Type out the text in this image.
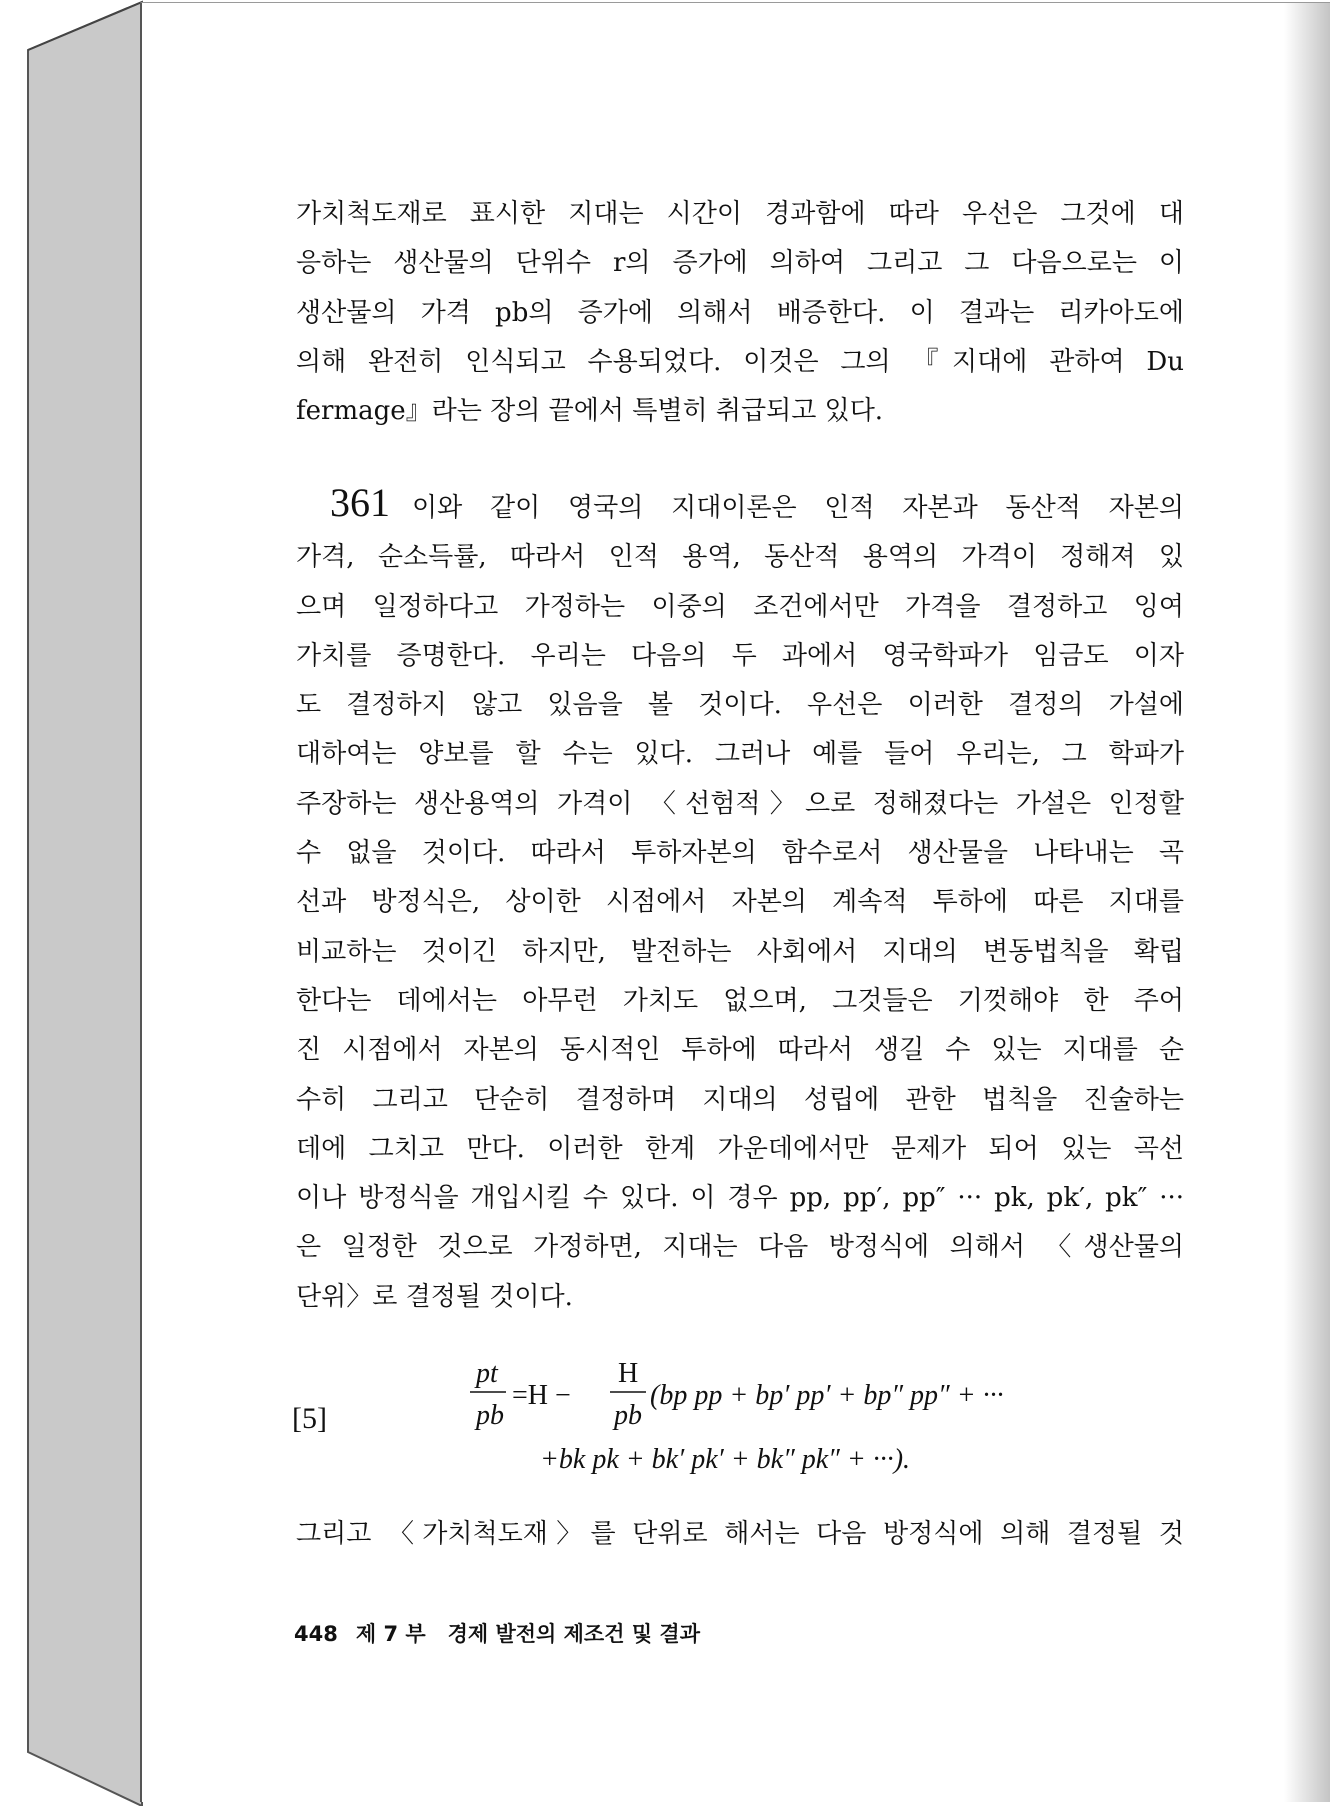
가치척도재로 표시한 지대는 시간이 경과함에 따라 우선은 그것에 대
응하는 생산물의 단위수 r의 증가에 의하여 그리고 그 다음으로는 이
생산물의 가격 pb의 증가에 의해서 배증한다. 이 결과는 리카아도에
의해 완전히 인식되고 수용되었다. 이것은 그의 『지대에 관하여 Du
fermage』라는 장의 끝에서 특별히 취급되고 있다.
361 이와 같이 영국의 지대이론은 인적 자본과 동산적 자본의
가격, 순소득률, 따라서 인적 용역, 동산적 용역의 가격이 정해져 있
으며 일정하다고 가정하는 이중의 조건에서만 가격을 결정하고 잉여
가치를 증명한다. 우리는 다음의 두 과에서 영국학파가 임금도 이자
도 결정하지 않고 있음을 볼 것이다. 우선은 이러한 결정의 가설에
대하여는 양보를 할 수는 있다. 그러나 예를 들어 우리는, 그 학파가
주장하는 생산용역의 가격이 〈선험적〉으로 정해졌다는 가설은 인정할
수 없을 것이다. 따라서 투하자본의 함수로서 생산물을 나타내는 곡
선과 방정식은, 상이한 시점에서 자본의 계속적 투하에 따른 지대를
비교하는 것이긴 하지만, 발전하는 사회에서 지대의 변동법칙을 확립
한다는 데에서는 아무런 가치도 없으며, 그것들은 기껏해야 한 주어
진 시점에서 자본의 동시적인 투하에 따라서 생길 수 있는 지대를 순
수히 그리고 단순히 결정하며 지대의 성립에 관한 법칙을 진술하는
데에 그치고 만다. 이러한 한계 가운데에서만 문제가 되어 있는 곡선
이나 방정식을 개입시킬 수 있다. 이 경우 pp, pp′, pp″ ··· pk, pk′, pk″ ···
은 일정한 것으로 가정하면, 지대는 다음 방정식에 의해서 〈생산물의
단위〉로 결정될 것이다.
[5]
pt
pb
=H −
H
pb
(bp pp + bp′ pp′ + bp″ pp″ + ···
+bk pk + bk′ pk′ + bk″ pk″ + ···).
그리고 〈가치척도재〉를 단위로 해서는 다음 방정식에 의해 결정될 것
448 제 7 부 경제 발전의 제조건 및 결과
